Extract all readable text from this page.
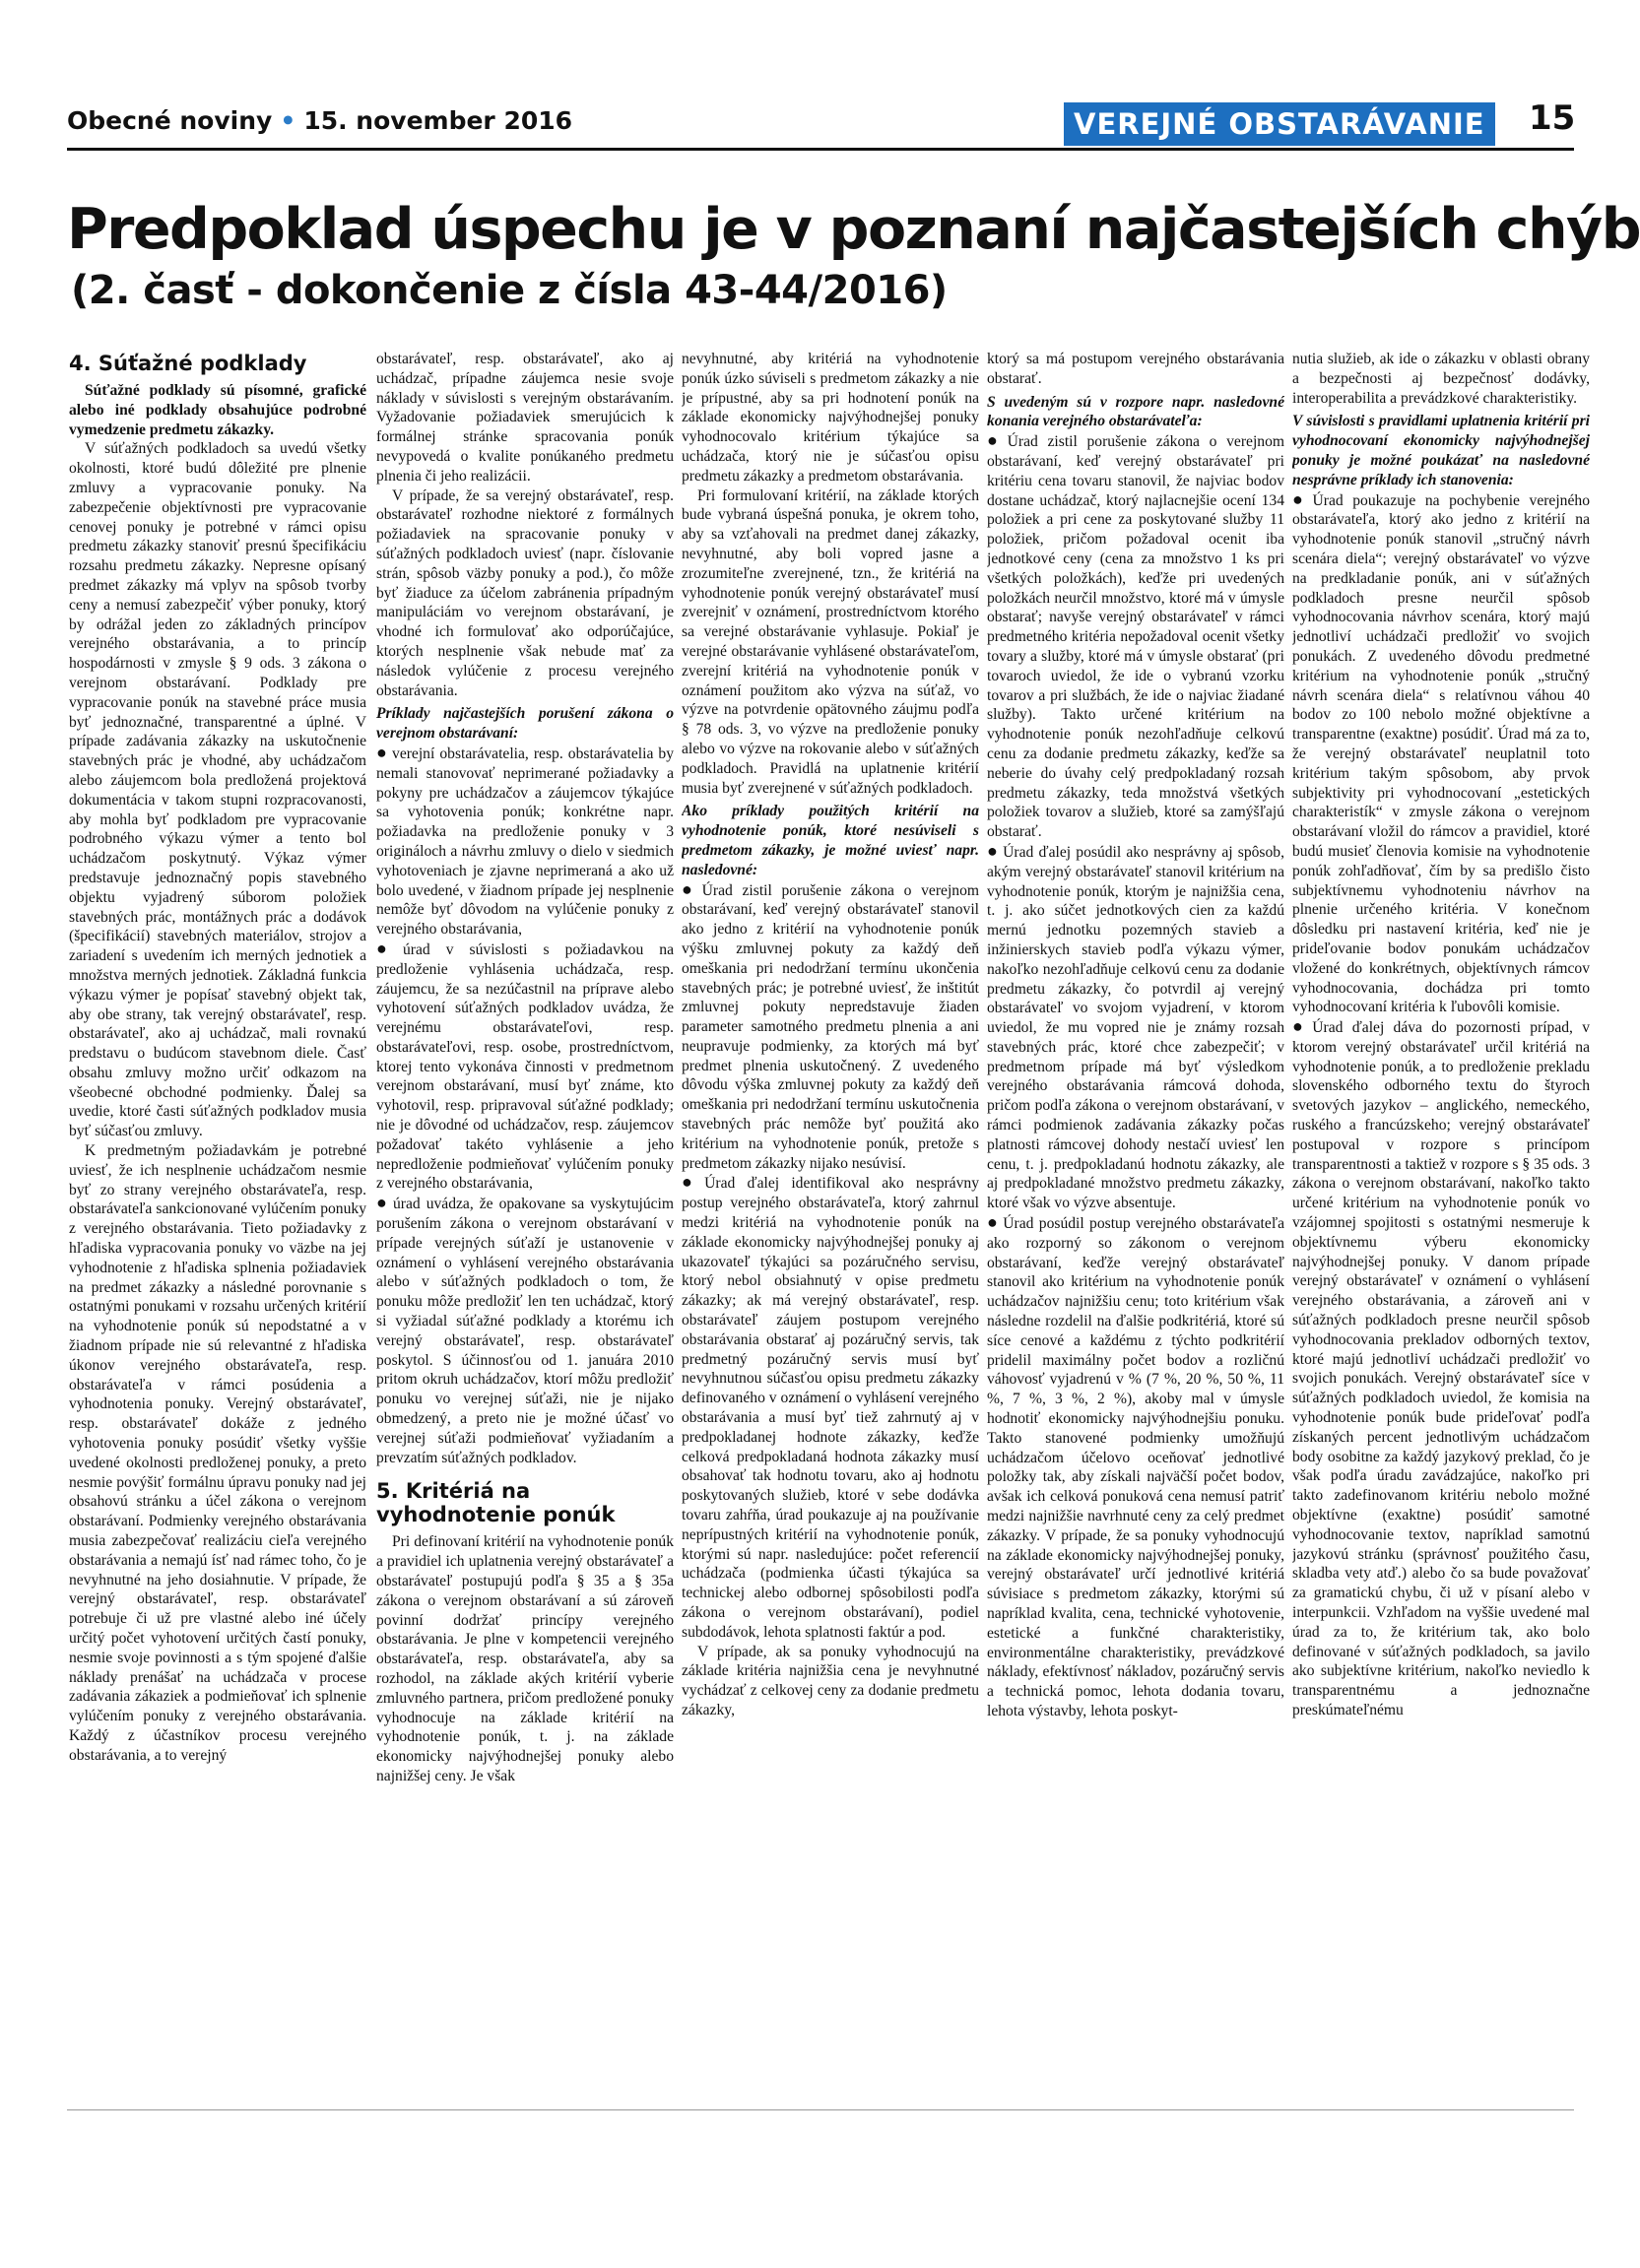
Obecné noviny • 15. november 2016	VEREJNÉ OBSTARÁVANIE 15
Predpoklad úspechu je v poznaní najčastejších chýb
(2. časť - dokončenie z čísla 43-44/2016)
4. Súťažné podklady

Súťažné podklady sú písomné, grafické alebo iné podklady obsahujúce podrobné vymedzenie predmetu zákazky.

V súťažných podkladoch sa uvedú všetky okolnosti, ktoré budú dôležité pre plnenie zmluvy a vypracovanie ponuky. Na zabezpečenie objektívnosti pre vypracovanie cenovej ponuky je potrebné v rámci opisu predmetu zákazky stanoviť presnú špecifikáciu rozsahu predmetu zákazky. Nepresne opísaný predmet zákazky má vplyv na spôsob tvorby ceny a nemusí zabezpečiť výber ponuky, ktorý by odrážal jeden zo základných princípov verejného obstarávania, a to princíp hospodárnosti v zmysle § 9 ods. 3 zákona o verejnom obstarávaní. Podklady pre vypracovanie ponúk na stavebné práce musia byť jednoznačné, transparentné a úplné. V prípade zadávania zákazky na uskutočnenie stavebných prác je vhodné, aby uchádzačom alebo záujemcom bola predložená projektová dokumentácia v takom stupni rozpracovanosti, aby mohla byť podkladom pre vypracovanie podrobného výkazu výmer a tento bol uchádzačom poskytnutý. Výkaz výmer predstavuje jednoznačný popis stavebného objektu vyjadrený súborom položiek stavebných prác, montážnych prác a dodávok (špecifikácií) stavebných materiálov, strojov a zariadení s uvedením ich merných jednotiek a množstva merných jednotiek. Základná funkcia výkazu výmer je popísať stavebný objekt tak, aby obe strany, tak verejný obstarávateľ, resp. obstarávateľ, ako aj uchádzač, mali rovnakú predstavu o budúcom stavebnom diele. Časť obsahu zmluvy možno určiť odkazom na všeobecné obchodné podmienky. Ďalej sa uvedie, ktoré časti súťažných podkladov musia byť súčasťou zmluvy.

K predmetným požiadavkám je potrebné uviesť, že ich nesplnenie uchádzačom nesmie byť zo strany verejného obstarávateľa, resp. obstarávateľa sankcionované vylúčením ponuky z verejného obstarávania. Tieto požiadavky z hľadiska vypracovania ponuky vo väzbe na jej vyhodnotenie z hľadiska splnenia požiadaviek na predmet zákazky a následné porovnanie s ostatnými ponukami v rozsahu určených kritérií na vyhodnotenie ponúk sú nepodstatné a v žiadnom prípade nie sú relevantné z hľadiska úkonov verejného obstarávateľa, resp. obstarávateľa v rámci posúdenia a vyhodnotenia ponuky. Verejný obstarávateľ, resp. obstarávateľ dokáže z jedného vyhotovenia ponuky posúdiť všetky vyššie uvedené okolnosti predloženej ponuky, a preto nesmie povýšiť formálnu úpravu ponuky nad jej obsahovú stránku a účel zákona o verejnom obstarávaní. Podmienky verejného obstarávania musia zabezpečovať realizáciu cieľa verejného obstarávania a nemajú ísť nad rámec toho, čo je nevyhnutné na jeho dosiahnutie. V prípade, že verejný obstarávateľ, resp. obstarávateľ potrebuje či už pre vlastné alebo iné účely určitý počet vyhotovení určitých častí ponuky, nesmie svoje povinnosti a s tým spojené ďalšie náklady prenášať na uchádzača v procese zadávania zákaziek a podmieňovať ich splnenie vylúčením ponuky z verejného obstarávania. Každý z účastníkov procesu verejného obstarávania, a to verejný

obstarávateľ, resp. obstarávateľ, ako aj uchádzač, prípadne záujemca nesie svoje náklady v súvislosti s verejným obstarávaním. Vyžadovanie požiadaviek smerujúcich k formálnej stránke spracovania ponúk nevypovedá o kvalite ponúkaného predmetu plnenia či jeho realizácii.

V prípade, že sa verejný obstarávateľ, resp. obstarávateľ rozhodne niektoré z formálnych požiadaviek na spracovanie ponuky v súťažných podkladoch uviesť (napr. číslovanie strán, spôsob väzby ponuky a pod.), čo môže byť žiaduce za účelom zabránenia prípadným manipuláciám vo verejnom obstarávaní, je vhodné ich formulovať ako odporúčajúce, ktorých nesplnenie však nebude mať za následok vylúčenie z procesu verejného obstarávania.

Príklady najčastejších porušení zákona o verejnom obstarávaní:

● verejní obstarávatelia, resp. obstarávatelia by nemali stanovovať neprimerané požiadavky a pokyny pre uchádzačov a záujemcov týkajúce sa vyhotovenia ponúk; konkrétne napr. požiadavka na predloženie ponuky v 3 origináloch a návrhu zmluvy o dielo v siedmich vyhotoveniach je zjavne neprimeraná a ako už bolo uvedené, v žiadnom prípade jej nesplnenie nemôže byť dôvodom na vylúčenie ponuky z verejného obstarávania,

● úrad v súvislosti s požiadavkou na predloženie vyhlásenia uchádzača, resp. záujemcu, že sa nezúčastnil na príprave alebo vyhotovení súťažných podkladov uvádza, že verejnému obstarávateľovi, resp. obstarávateľovi, resp. osobe, prostredníctvom, ktorej tento vykonáva činnosti v predmetnom verejnom obstarávaní, musí byť známe, kto vyhotovil, resp. pripravoval súťažné podklady; nie je dôvodné od uchádzačov, resp. záujemcov požadovať takéto vyhlásenie a jeho nepredloženie podmieňovať vylúčením ponuky z verejného obstarávania,

● úrad uvádza, že opakovane sa vyskytujúcim porušením zákona o verejnom obstarávaní v prípade verejných súťaží je ustanovenie v oznámení o vyhlásení verejného obstarávania alebo v súťažných podkladoch o tom, že ponuku môže predložiť len ten uchádzač, ktorý si vyžiadal súťažné podklady a ktorému ich verejný obstarávateľ, resp. obstarávateľ poskytol. S účinnosťou od 1. januára 2010 pritom okruh uchádzačov, ktorí môžu predložiť ponuku vo verejnej súťaži, nie je nijako obmedzený, a preto nie je možné účasť vo verejnej súťaži podmieňovať vyžiadaním a prevzatím súťažných podkladov.

5. Kritériá na vyhodnotenie ponúk

Pri definovaní kritérií na vyhodnotenie ponúk a pravidiel ich uplatnenia verejný obstarávateľ a obstarávateľ postupujú podľa § 35 a § 35a zákona o verejnom obstarávaní a sú zároveň povinní dodržať princípy verejného obstarávania. Je plne v kompetencii verejného obstarávateľa, resp. obstarávateľa, aby sa rozhodol, na základe akých kritérií vyberie zmluvného partnera, pričom predložené ponuky vyhodnocuje na základe kritérií na vyhodnotenie ponúk, t. j. na základe ekonomicky najvýhodnejšej ponuky alebo najnižšej ceny. Je však

nevyhnutné, aby kritériá na vyhodnotenie ponúk úzko súviseli s predmetom zákazky a nie je prípustné, aby sa pri hodnotení ponúk na základe ekonomicky najvýhodnejšej ponuky vyhodnocovalo kritérium týkajúce sa uchádzača, ktorý nie je súčasťou opisu predmetu zákazky a predmetom obstarávania.

Pri formulovaní kritérií, na základe ktorých bude vybraná úspešná ponuka, je okrem toho, aby sa vzťahovali na predmet danej zákazky, nevyhnutné, aby boli vopred jasne a zrozumiteľne zverejnené, tzn., že kritériá na vyhodnotenie ponúk verejný obstarávateľ musí zverejniť v oznámení, prostredníctvom ktorého sa verejné obstarávanie vyhlasuje. Pokiaľ je verejné obstarávanie vyhlásené obstarávateľom, zverejní kritériá na vyhodnotenie ponúk v oznámení použitom ako výzva na súťaž, vo výzve na potvrdenie opätovného záujmu podľa § 78 ods. 3, vo výzve na predloženie ponuky alebo vo výzve na rokovanie alebo v súťažných podkladoch. Pravidlá na uplatnenie kritérií musia byť zverejnené v súťažných podkladoch.

Ako príklady použitých kritérií na vyhodnotenie ponúk, ktoré nesúviseli s predmetom zákazky, je možné uviesť napr. nasledovné:

● Úrad zistil porušenie zákona o verejnom obstarávaní, keď verejný obstarávateľ stanovil ako jedno z kritérií na vyhodnotenie ponúk výšku zmluvnej pokuty za každý deň omeškania pri nedodržaní termínu ukončenia stavebných prác; je potrebné uviesť, že inštitút zmluvnej pokuty nepredstavuje žiaden parameter samotného predmetu plnenia a ani neupravuje podmienky, za ktorých má byť predmet plnenia uskutočnený. Z uvedeného dôvodu výška zmluvnej pokuty za každý deň omeškania pri nedodržaní termínu uskutočnenia stavebných prác nemôže byť použitá ako kritérium na vyhodnotenie ponúk, pretože s predmetom zákazky nijako nesúvisí.

● Úrad ďalej identifikoval ako nesprávny postup verejného obstarávateľa, ktorý zahrnul medzi kritériá na vyhodnotenie ponúk na základe ekonomicky najvýhodnejšej ponuky aj ukazovateľ týkajúci sa pozáručného servisu, ktorý nebol obsiahnutý v opise predmetu zákazky; ak má verejný obstarávateľ, resp. obstarávateľ záujem postupom verejného obstarávania obstarať aj pozáručný servis, tak predmetný pozáručný servis musí byť nevyhnutnou súčasťou opisu predmetu zákazky definovaného v oznámení o vyhlásení verejného obstarávania a musí byť tiež zahrnutý aj v predpokladanej hodnote zákazky, keďže celková predpokladaná hodnota zákazky musí obsahovať tak hodnotu tovaru, ako aj hodnotu poskytovaných služieb, ktoré v sebe dodávka tovaru zahŕňa, úrad poukazuje aj na používanie neprípustných kritérií na vyhodnotenie ponúk, ktorými sú napr. nasledujúce: počet referencií uchádzača (podmienka účasti týkajúca sa technickej alebo odbornej spôsobilosti podľa zákona o verejnom obstarávaní), podiel subdodávok, lehota splatnosti faktúr a pod.

V prípade, ak sa ponuky vyhodnocujú na základe kritéria najnižšia cena je nevyhnutné vychádzať z celkovej ceny za dodanie predmetu zákazky,

ktorý sa má postupom verejného obstarávania obstarať.

S uvedeným sú v rozpore napr. nasledovné konania verejného obstarávateľa:

● Úrad zistil porušenie zákona o verejnom obstarávaní, keď verejný obstarávateľ pri kritériu cena tovaru stanovil, že najviac bodov dostane uchádzač, ktorý najlacnejšie ocení 134 položiek a pri cene za poskytované služby 11 položiek, pričom požadoval ocenit iba jednotkové ceny (cena za množstvo 1 ks pri všetkých položkách), keďže pri uvedených položkách neurčil množstvo, ktoré má v úmysle obstarať; navyše verejný obstarávateľ v rámci predmetného kritéria nepožadoval ocenit všetky tovary a služby, ktoré má v úmysle obstarať (pri tovaroch uviedol, že ide o vybranú vzorku tovarov a pri službách, že ide o najviac žiadané služby). Takto určené kritérium na vyhodnotenie ponúk nezohľadňuje celkovú cenu za dodanie predmetu zákazky, keďže sa neberie do úvahy celý predpokladaný rozsah predmetu zákazky, teda množstvá všetkých položiek tovarov a služieb, ktoré sa zamýšľajú obstarať.

● Úrad ďalej posúdil ako nesprávny aj spôsob, akým verejný obstarávateľ stanovil kritérium na vyhodnotenie ponúk, ktorým je najnižšia cena, t. j. ako súčet jednotkových cien za každú mernú jednotku pozemných stavieb a inžinierskych stavieb podľa výkazu výmer, nakoľko nezohľadňuje celkovú cenu za dodanie predmetu zákazky, čo potvrdil aj verejný obstarávateľ vo svojom vyjadrení, v ktorom uviedol, že mu vopred nie je známy rozsah stavebných prác, ktoré chce zabezpečiť; v predmetnom prípade má byť výsledkom verejného obstarávania rámcová dohoda, pričom podľa zákona o verejnom obstarávaní, v rámci podmienok zadávania zákazky počas platnosti rámcovej dohody nestačí uviesť len cenu, t. j. predpokladanú hodnotu zákazky, ale aj predpokladané množstvo predmetu zákazky, ktoré však vo výzve absentuje.

● Úrad posúdil postup verejného obstarávateľa ako rozporný so zákonom o verejnom obstarávaní, keďže verejný obstarávateľ stanovil ako kritérium na vyhodnotenie ponúk uchádzačov najnižšiu cenu; toto kritérium však následne rozdelil na ďalšie podkritériá, ktoré sú síce cenové a každému z týchto podkritérií pridelil maximálny počet bodov a rozličnú váhovosť vyjadrenú v % (7 %, 20 %, 50 %, 11 %, 7 %, 3 %, 2 %), akoby mal v úmysle hodnotiť ekonomicky najvýhodnejšiu ponuku. Takto stanovené podmienky umožňujú uchádzačom účelovo oceňovať jednotlivé položky tak, aby získali najväčší počet bodov, avšak ich celková ponuková cena nemusí patriť medzi najnižšie navrhnuté ceny za celý predmet zákazky. V prípade, že sa ponuky vyhodnocujú na základe ekonomicky najvýhodnejšej ponuky, verejný obstarávateľ určí jednotlivé kritériá súvisiace s predmetom zákazky, ktorými sú napríklad kvalita, cena, technické vyhotovenie, estetické a funkčné charakteristiky, environmentálne charakteristiky, prevádzkové náklady, efektívnosť nákladov, pozáručný servis a technická pomoc, lehota dodania tovaru, lehota výstavby, lehota poskyt-

nutia služieb, ak ide o zákazku v oblasti obrany a bezpečnosti aj bezpečnosť dodávky, interoperabilita a prevádzkové charakteristiky.

V súvislosti s pravidlami uplatnenia kritérií pri vyhodnocovaní ekonomicky najvýhodnejšej ponuky je možné poukázať na nasledovné nesprávne príklady ich stanovenia:

● Úrad poukazuje na pochybenie verejného obstarávateľa, ktorý ako jedno z kritérií na vyhodnotenie ponúk stanovil „stručný návrh scenára diela“; verejný obstarávateľ vo výzve na predkladanie ponúk, ani v súťažných podkladoch presne neurčil spôsob vyhodnocovania návrhov scenára, ktorý majú jednotliví uchádzači predložiť vo svojich ponukách. Z uvedeného dôvodu predmetné kritérium na vyhodnotenie ponúk „stručný návrh scenára diela“ s relatívnou váhou 40 bodov zo 100 nebolo možné objektívne a transparentne (exaktne) posúdiť. Úrad má za to, že verejný obstarávateľ neuplatnil toto kritérium takým spôsobom, aby prvok subjektivity pri vyhodnocovaní „estetických charakteristík“ v zmysle zákona o verejnom obstarávaní vložil do rámcov a pravidiel, ktoré budú musieť členovia komisie na vyhodnotenie ponúk zohľadňovať, čím by sa predišlo čisto subjektívnemu vyhodnoteniu návrhov na plnenie určeného kritéria. V konečnom dôsledku pri nastavení kritéria, keď nie je prideľovanie bodov ponukám uchádzačov vložené do konkrétnych, objektívnych rámcov vyhodnocovania, dochádza pri tomto vyhodnocovaní kritéria k ľubovôli komisie.

● Úrad ďalej dáva do pozornosti prípad, v ktorom verejný obstarávateľ určil kritériá na vyhodnotenie ponúk, a to predloženie prekladu slovenského odborného textu do štyroch svetových jazykov – anglického, nemeckého, ruského a francúzskeho; verejný obstarávateľ postupoval v rozpore s princípom transparentnosti a taktiež v rozpore s § 35 ods. 3 zákona o verejnom obstarávaní, nakoľko takto určené kritérium na vyhodnotenie ponúk vo vzájomnej spojitosti s ostatnými nesmeruje k objektívnemu výberu ekonomicky najvýhodnejšej ponuky. V danom prípade verejný obstarávateľ v oznámení o vyhlásení verejného obstarávania, a zároveň ani v súťažných podkladoch presne neurčil spôsob vyhodnocovania prekladov odborných textov, ktoré majú jednotliví uchádzači predložiť vo svojich ponukách. Verejný obstarávateľ síce v súťažných podkladoch uviedol, že komisia na vyhodnotenie ponúk bude prideľovať podľa získaných percent jednotlivým uchádzačom body osobitne za každý jazykový preklad, čo je však podľa úradu zavádzajúce, nakoľko pri takto zadefinovanom kritériu nebolo možné objektívne (exaktne) posúdiť samotné vyhodnocovanie textov, napríklad samotnú jazykovú stránku (správnosť použitého času, skladba vety atď.) alebo čo sa bude považovať za gramatickú chybu, či už v písaní alebo v interpunkcii. Vzhľadom na vyššie uvedené mal úrad za to, že kritérium tak, ako bolo definované v súťažných podkladoch, sa javilo ako subjektívne kritérium, nakoľko neviedlo k transparentnému a jednoznačne preskúmateľnému
